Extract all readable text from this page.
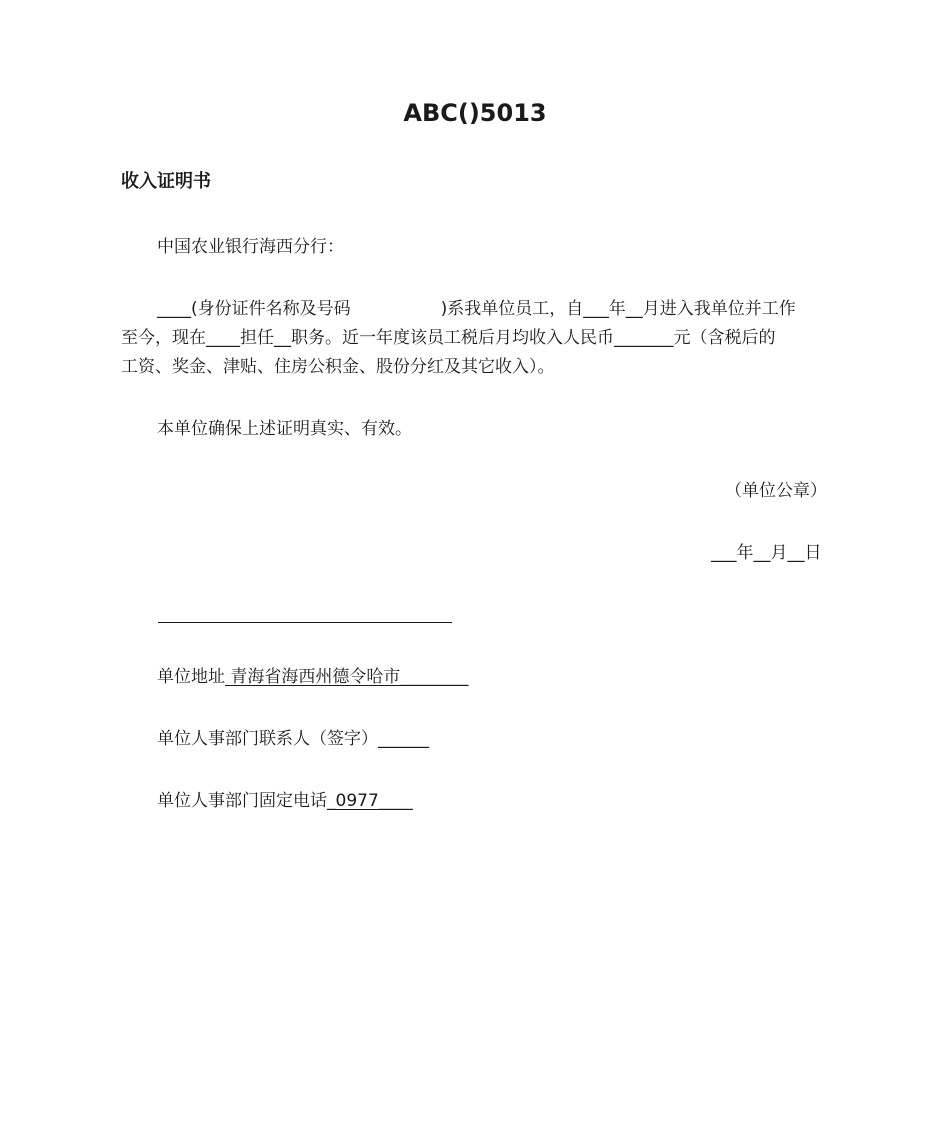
ABC()5013
收入证明书
中国农业银行海西分行：
____(身份证件名称及号码	)系我单位员工，自___年__月进入我单位并工作
至今，现在____担任__职务。近一年度该员工税后月均收入人民币_______元（含税后的
工资、奖金、津贴、住房公积金、股份分红及其它收入）。
本单位确保上述证明真实、有效。
（单位公章）
___年__月__日
单位地址 青海省海西州德令哈市________
单位人事部门联系人（签字）______
单位人事部门固定电话_0977____
